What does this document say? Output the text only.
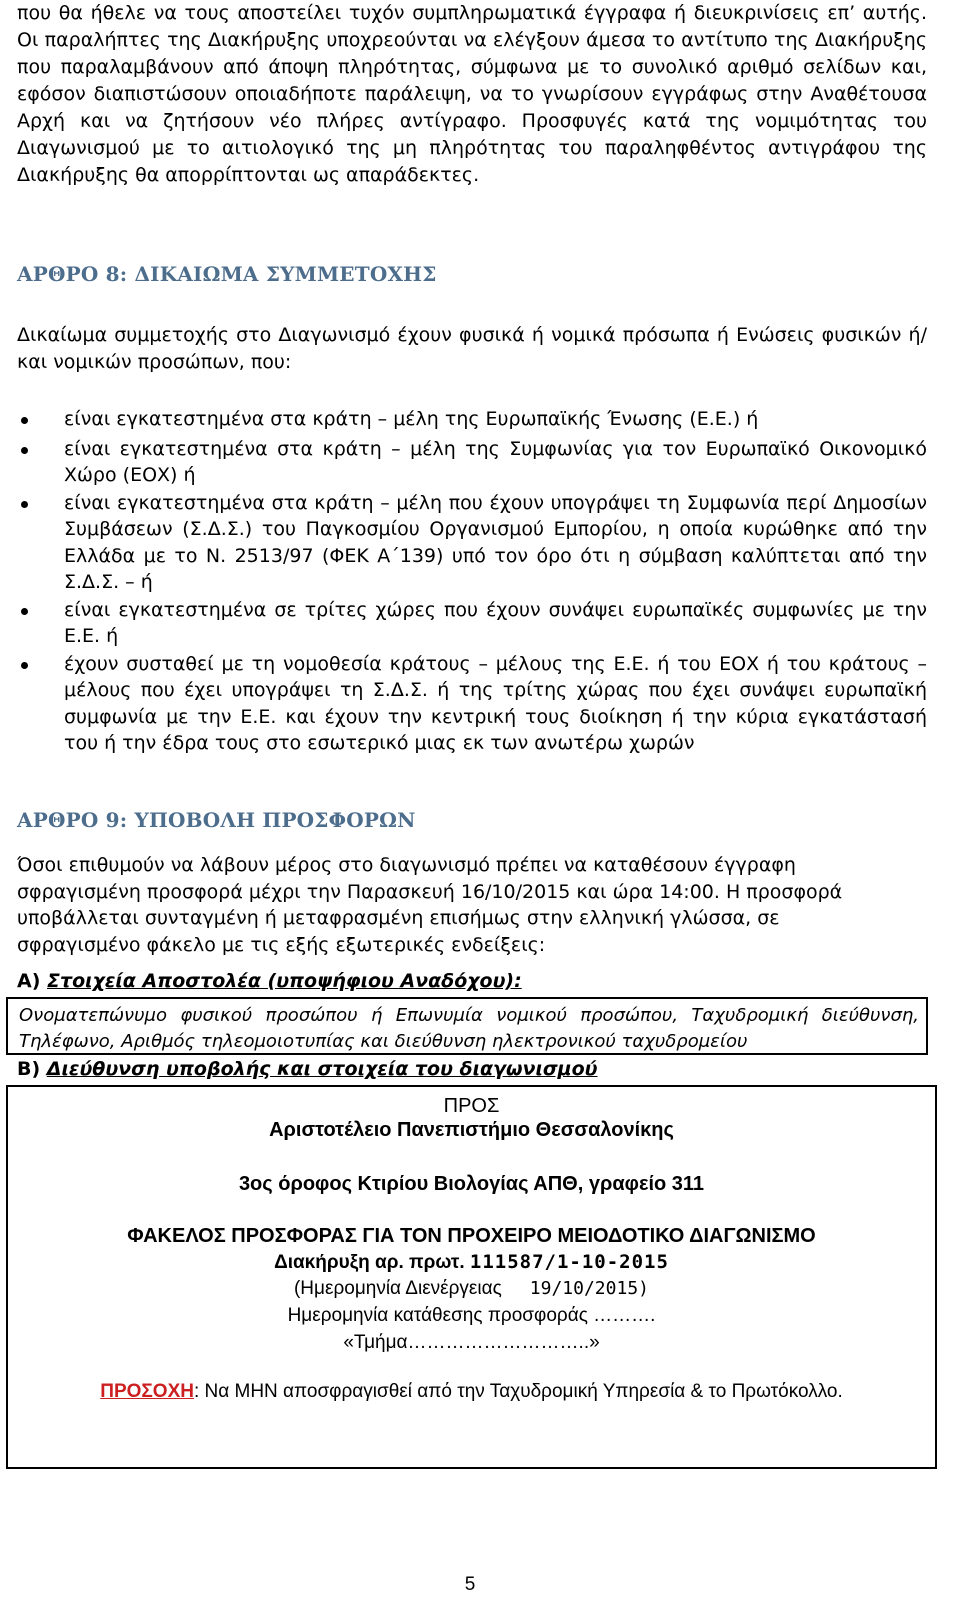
που θα ήθελε να τους αποστείλει τυχόν συμπληρωματικά έγγραφα ή διευκρινίσεις επ’ αυτής. Οι παραλήπτες της Διακήρυξης υποχρεούνται να ελέγξουν άμεσα το αντίτυπο της Διακήρυξης που παραλαμβάνουν από άποψη πληρότητας, σύμφωνα με το συνολικό αριθμό σελίδων και, εφόσον διαπιστώσουν οποιαδήποτε παράλειψη, να το γνωρίσουν εγγράφως στην Αναθέτουσα Αρχή και να ζητήσουν νέο πλήρες αντίγραφο. Προσφυγές κατά της νομιμότητας του Διαγωνισμού με το αιτιολογικό της μη πληρότητας του παραληφθέντος αντιγράφου της Διακήρυξης θα απορρίπτονται ως απαράδεκτες.
ΑΡΘΡΟ 8: ΔΙΚΑΙΩΜΑ ΣΥΜΜΕΤΟΧΗΣ
Δικαίωμα συμμετοχής στο Διαγωνισμό έχουν φυσικά ή νομικά πρόσωπα ή Ενώσεις φυσικών ή/και νομικών προσώπων, που:
είναι εγκατεστημένα στα κράτη – μέλη της Ευρωπαϊκής Ένωσης (Ε.Ε.) ή
είναι εγκατεστημένα στα κράτη – μέλη της Συμφωνίας για τον Ευρωπαϊκό Οικονομικό Χώρο (ΕΟΧ) ή
είναι εγκατεστημένα στα κράτη – μέλη που έχουν υπογράψει τη Συμφωνία περί Δημοσίων Συμβάσεων (Σ.Δ.Σ.) του Παγκοσμίου Οργανισμού Εμπορίου, η οποία κυρώθηκε από την Ελλάδα με το Ν. 2513/97 (ΦΕΚ Α΄139) υπό τον όρο ότι η σύμβαση καλύπτεται από την Σ.Δ.Σ. – ή
είναι εγκατεστημένα σε τρίτες χώρες που έχουν συνάψει ευρωπαϊκές συμφωνίες με την Ε.Ε. ή
έχουν συσταθεί με τη νομοθεσία κράτους – μέλους της Ε.Ε. ή του ΕΟΧ ή του κράτους – μέλους που έχει υπογράψει τη Σ.Δ.Σ. ή της τρίτης χώρας που έχει συνάψει ευρωπαϊκή συμφωνία με την Ε.Ε. και έχουν την κεντρική τους διοίκηση ή την κύρια εγκατάστασή του ή την έδρα τους στο εσωτερικό μιας εκ των ανωτέρω χωρών
ΑΡΘΡΟ 9: ΥΠΟΒΟΛΗ ΠΡΟΣΦΟΡΩΝ
Όσοι επιθυμούν να λάβουν μέρος στο διαγωνισμό πρέπει να καταθέσουν έγγραφη σφραγισμένη προσφορά μέχρι την Παρασκευή 16/10/2015 και ώρα 14:00. Η προσφορά υποβάλλεται συνταγμένη ή μεταφρασμένη επισήμως στην ελληνική γλώσσα, σε σφραγισμένο φάκελο με τις εξής εξωτερικές ενδείξεις:
Α) Στοιχεία Αποστολέα (υποψήφιου Αναδόχου):
Ονοματεπώνυμο φυσικού προσώπου ή Επωνυμία νομικού προσώπου, Ταχυδρομική διεύθυνση, Τηλέφωνο, Αριθμός τηλεομοιοτυπίας και διεύθυνση ηλεκτρονικού ταχυδρομείου
Β) Διεύθυνση υποβολής και στοιχεία του διαγωνισμού
ΠΡΟΣ
Αριστοτέλειο Πανεπιστήμιο Θεσσαλονίκης
3ος όροφος Κτιρίου Βιολογίας ΑΠΘ, γραφείο 311
ΦΑΚΕΛΟΣ ΠΡΟΣΦΟΡΑΣ ΓΙΑ ΤΟΝ ΠΡΟΧΕΙΡΟ ΜΕΙΟΔΟΤΙΚΟ ΔΙΑΓΩΝΙΣΜΟ
Διακήρυξη αρ. πρωτ. 111587/1-10-2015
(Ημερομηνία Διενέργειας 19/10/2015)
Ημερομηνία κατάθεσης προσφοράς ……….
«Τμήμα………………………..»
ΠΡΟΣΟΧΗ: Να ΜΗΝ αποσφραγισθεί από την Ταχυδρομική Υπηρεσία & το Πρωτόκολλο.
5
